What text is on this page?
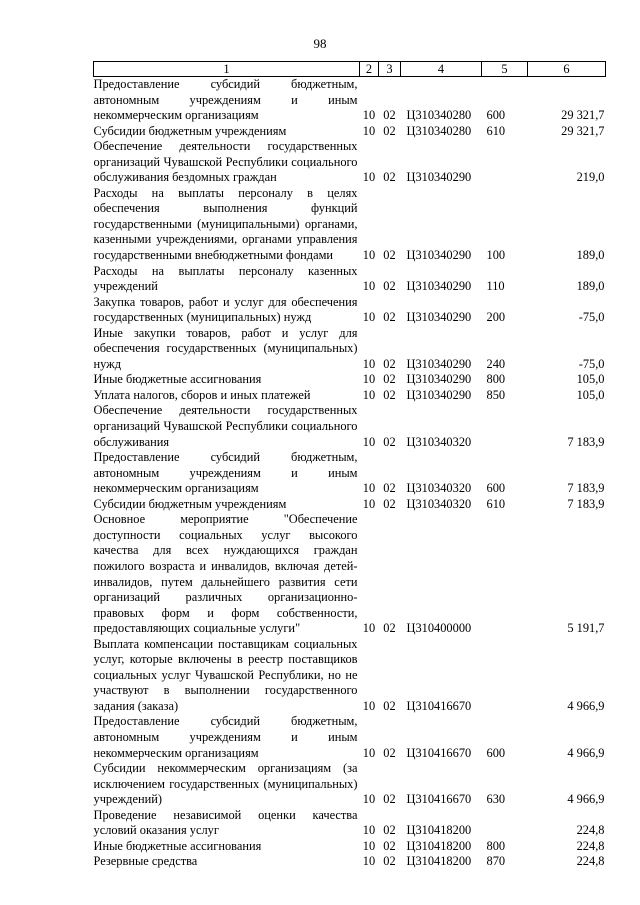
98
1	2	3	4	5	6
Предоставление субсидий бюджетным, автономным учреждениям и иным некоммерческим организациям	10	02	Ц310340280	600	29 321,7
Субсидии бюджетным учреждениям	10	02	Ц310340280	610	29 321,7
Обеспечение деятельности государственных организаций Чувашской Республики социального обслуживания бездомных граждан	10	02	Ц310340290		219,0
Расходы на выплаты персоналу в целях обеспечения выполнения функций государственными (муниципальными) органами, казенными учреждениями, органами управления государственными внебюджетными фондами	10	02	Ц310340290	100	189,0
Расходы на выплаты персоналу казенных учреждений	10	02	Ц310340290	110	189,0
Закупка товаров, работ и услуг для обеспечения государственных (муниципальных) нужд	10	02	Ц310340290	200	-75,0
Иные закупки товаров, работ и услуг для обеспечения государственных (муниципальных) нужд	10	02	Ц310340290	240	-75,0
Иные бюджетные ассигнования	10	02	Ц310340290	800	105,0
Уплата налогов, сборов и иных платежей	10	02	Ц310340290	850	105,0
Обеспечение деятельности государственных организаций Чувашской Республики социального обслуживания	10	02	Ц310340320		7 183,9
Предоставление субсидий бюджетным, автономным учреждениям и иным некоммерческим организациям	10	02	Ц310340320	600	7 183,9
Субсидии бюджетным учреждениям	10	02	Ц310340320	610	7 183,9
Основное мероприятие "Обеспечение доступности социальных услуг высокого качества для всех нуждающихся граждан пожилого возраста и инвалидов, включая детей-инвалидов, путем дальнейшего развития сети организаций различных организационно-правовых форм и форм собственности, предоставляющих социальные услуги"	10	02	Ц310400000		5 191,7
Выплата компенсации поставщикам социальных услуг, которые включены в реестр поставщиков социальных услуг Чувашской Республики, но не участвуют в выполнении государственного задания (заказа)	10	02	Ц310416670		4 966,9
Предоставление субсидий бюджетным, автономным учреждениям и иным некоммерческим организациям	10	02	Ц310416670	600	4 966,9
Субсидии некоммерческим организациям (за исключением государственных (муниципальных) учреждений)	10	02	Ц310416670	630	4 966,9
Проведение независимой оценки качества условий оказания услуг	10	02	Ц310418200		224,8
Иные бюджетные ассигнования	10	02	Ц310418200	800	224,8
Резервные средства	10	02	Ц310418200	870	224,8
